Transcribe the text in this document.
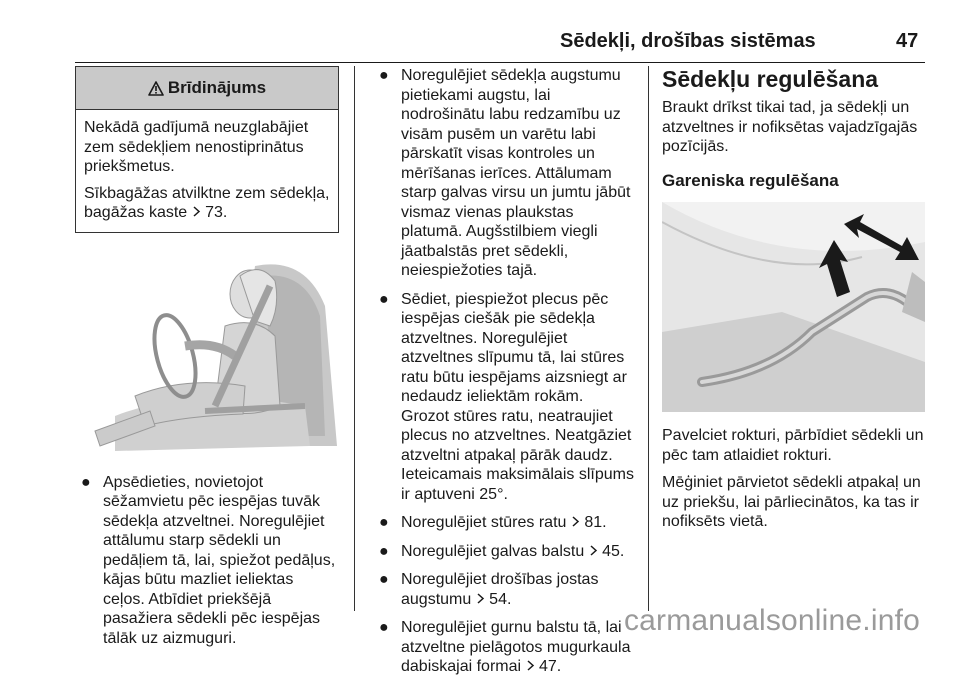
Sēdekļi, drošības sistēmas	47
Brīdinājums

Nekādā gadījumā neuzglabājiet zem sēdekļiem nenostiprinātus priekšmetus.

Sīkbagāžas atvilktne zem sēdekļa, bagāžas kaste 73.

● Apsēdieties, novietojot sēžamvietu pēc iespējas tuvāk sēdekļa atzveltnei. Noregulējiet attālumu starp sēdekli un pedāļiem tā, lai, spiežot pedāļus, kājas būtu mazliet ieliektas ceļos. Atbīdiet priekšējā pasažiera sēdekli pēc iespējas tālāk uz aizmuguri.
● Noregulējiet sēdekļa augstumu pietiekami augstu, lai nodrošinātu labu redzamību uz visām pusēm un varētu labi pārskatīt visas kontroles un mērīšanas ierīces. Attālumam starp galvas virsu un jumtu jābūt vismaz vienas plaukstas platumā. Augšstilbiem viegli jāatbalstās pret sēdekli, neiespiežoties tajā.
● Sēdiet, piespiežot plecus pēc iespējas ciešāk pie sēdekļa atzveltnes. Noregulējiet atzveltnes slīpumu tā, lai stūres ratu būtu iespējams aizsniegt ar nedaudz ieliektām rokām. Grozot stūres ratu, neatraujiet plecus no atzveltnes. Neatgāziet atzveltni atpakaļ pārāk daudz. Ieteicamais maksimālais slīpums ir aptuveni 25°.
● Noregulējiet stūres ratu 81.
● Noregulējiet galvas balstu 45.
● Noregulējiet drošības jostas augstumu 54.
● Noregulējiet gurnu balstu tā, lai atzveltne pielāgotos mugurkaula dabiskajai formai 47.
Sēdekļu regulēšana

Braukt drīkst tikai tad, ja sēdekļi un atzveltnes ir nofiksētas vajadzīgajās pozīcijās.

Gareniska regulēšana

Pavelciet rokturi, pārbīdiet sēdekli un pēc tam atlaidiet rokturi.

Mēģiniet pārvietot sēdekli atpakaļ un uz priekšu, lai pārliecinātos, ka tas ir nofiksēts vietā.

carmanualsonline.info
